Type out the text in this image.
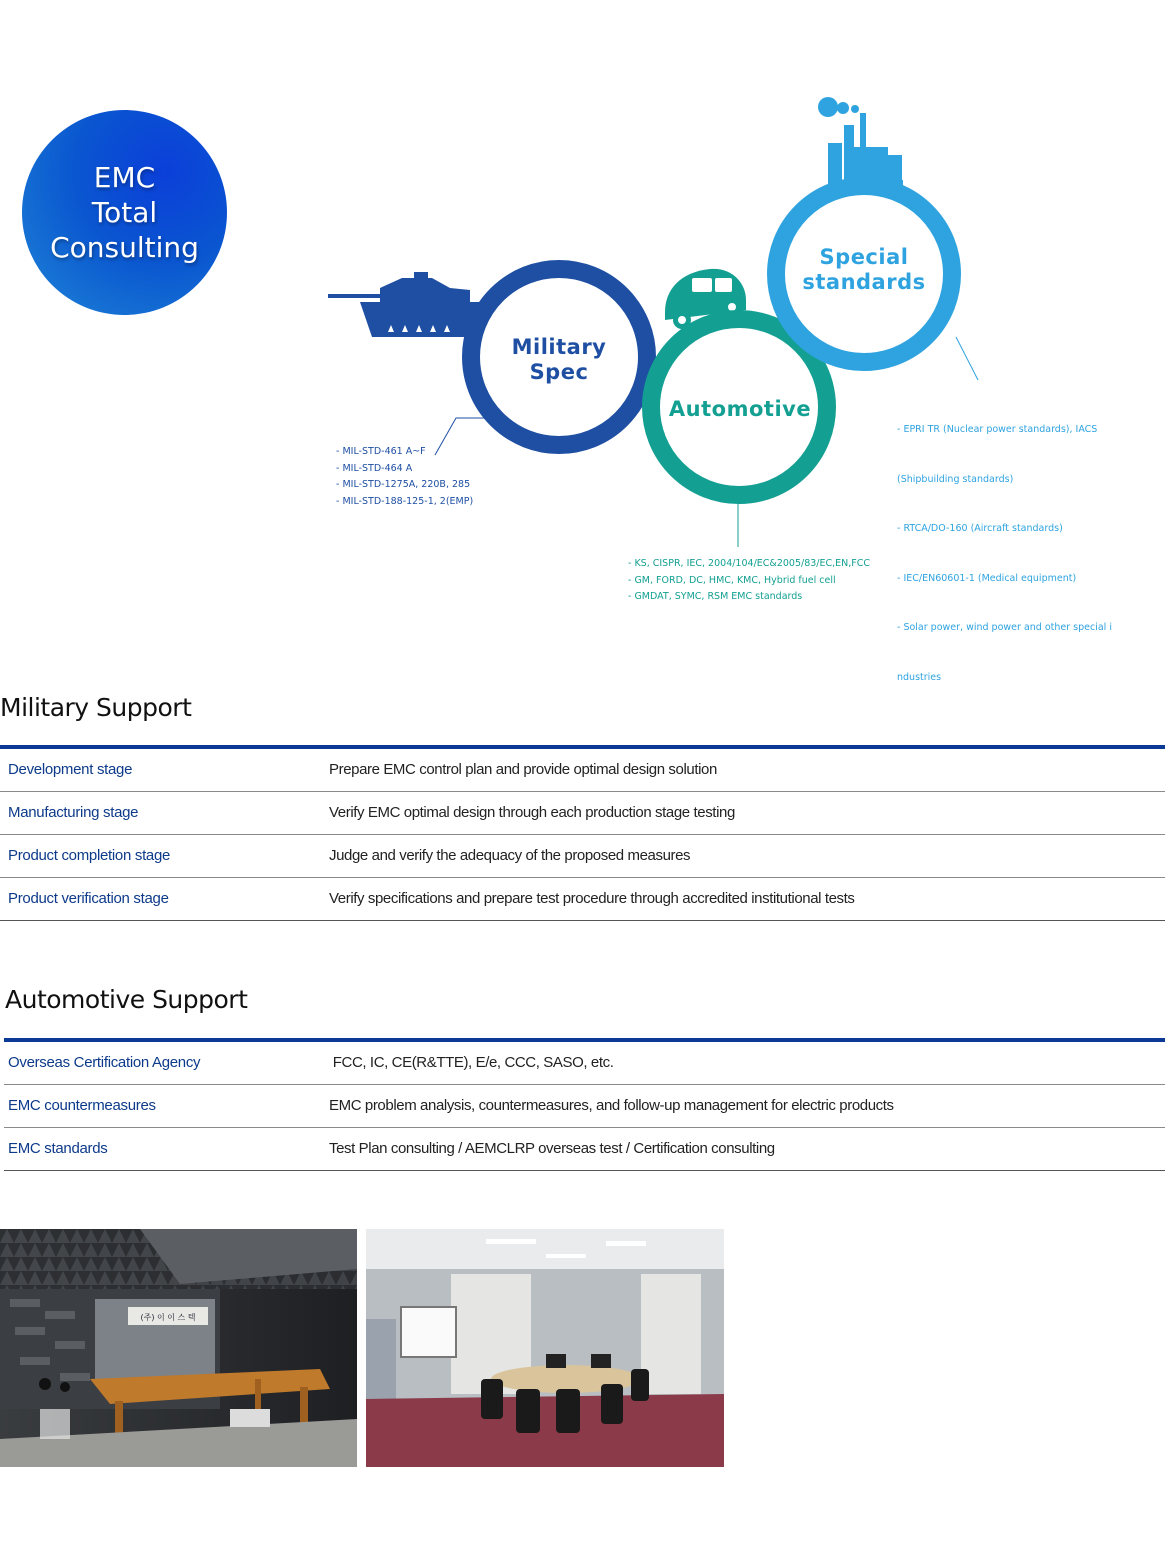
EMC
Total
Consulting
Military
Spec
Automotive
Special
standards
- MIL-STD-461 A~F
- MIL-STD-464 A
- MIL-STD-1275A, 220B, 285
- MIL-STD-188-125-1, 2(EMP)
- KS, CISPR, IEC, 2004/104/EC&2005/83/EC,EN,FCC
- GM, FORD, DC, HMC, KMC, Hybrid fuel cell
- GMDAT, SYMC, RSM EMC standards

- EPRI TR (Nuclear power standards), IACS

(Shipbuilding standards)

- RTCA/DO-160 (Aircraft standards)

- IEC/EN60601-1 (Medical equipment)

- Solar power, wind power and other special i

ndustries

Military Support
Development stage	Prepare EMC control plan and provide optimal design solution
Manufacturing stage	Verify EMC optimal design through each production stage testing
Product completion stage	Judge and verify the adequacy of the proposed measures
Product verification stage	Verify specifications and prepare test procedure through accredited institutional tests
Automotive Support
Overseas Certification Agency	FCC, IC, CE(R&TTE), E/e, CCC, SASO, etc.
EMC countermeasures	EMC problem analysis, countermeasures, and follow-up management for electric products
EMC standards	Test Plan consulting / AEMCLRP overseas test / Certification consulting
(주) 이 이 스 텍
